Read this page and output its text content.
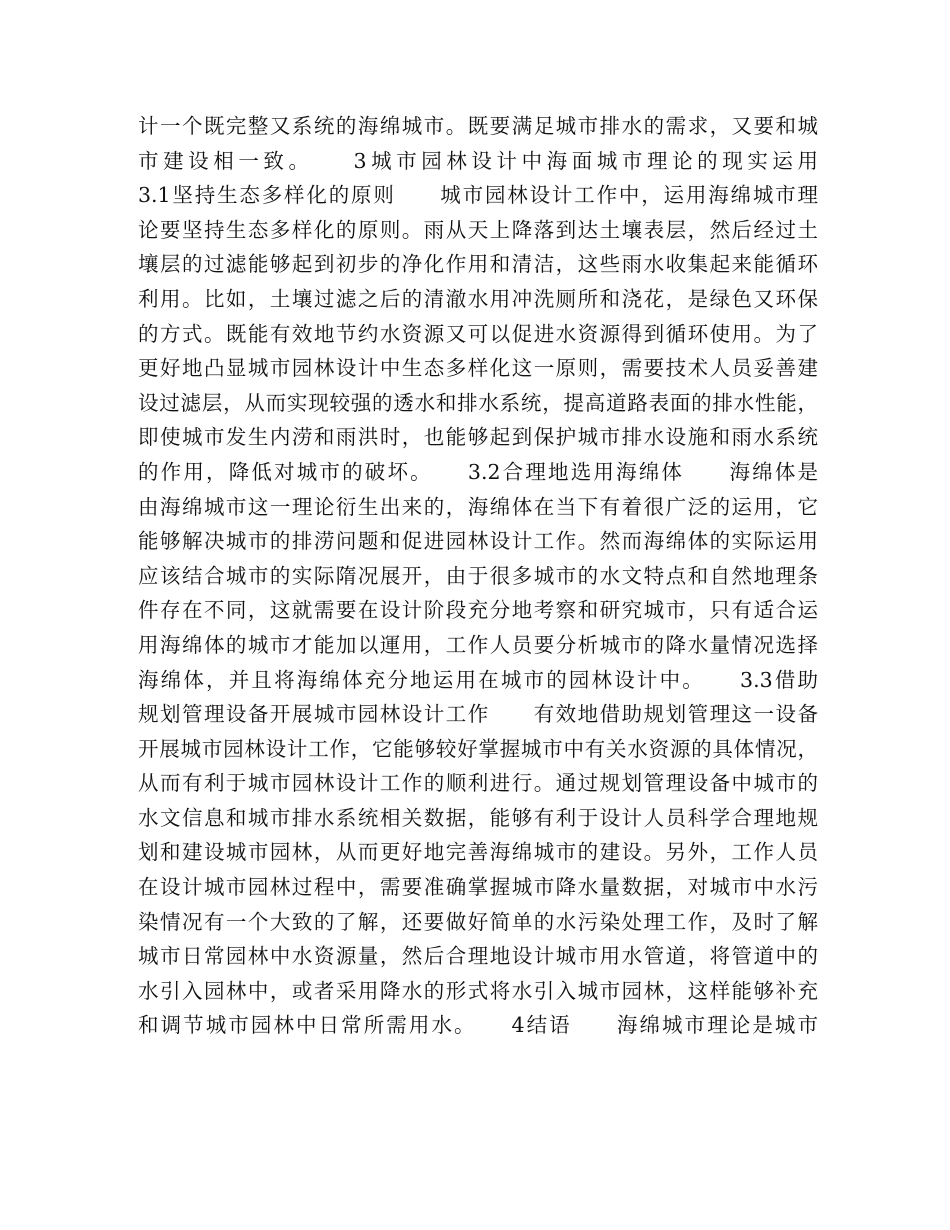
计一个既完整又系统的海绵城市。既要满足城市排水的需求，又要和城
市建设相一致。　　3城市园林设计中海面城市理论的现实运用
3.1坚持生态多样化的原则　　城市园林设计工作中，运用海绵城市理
论要坚持生态多样化的原则。雨从天上降落到达土壤表层，然后经过土
壤层的过滤能够起到初步的净化作用和清洁，这些雨水收集起来能循环
利用。比如，土壤过滤之后的清澈水用冲洗厕所和浇花，是绿色又环保
的方式。既能有效地节约水资源又可以促进水资源得到循环使用。为了
更好地凸显城市园林设计中生态多样化这一原则，需要技术人员妥善建
设过滤层，从而实现较强的透水和排水系统，提高道路表面的排水性能，
即使城市发生内涝和雨洪时，也能够起到保护城市排水设施和雨水系统
的作用，降低对城市的破坏。　　3.2合理地选用海绵体　　海绵体是
由海绵城市这一理论衍生出来的，海绵体在当下有着很广泛的运用，它
能够解决城市的排涝问题和促进园林设计工作。然而海绵体的实际运用
应该结合城市的实际隋况展开，由于很多城市的水文特点和自然地理条
件存在不同，这就需要在设计阶段充分地考察和研究城市，只有适合运
用海绵体的城市才能加以運用，工作人员要分析城市的降水量情况选择
海绵体，并且将海绵体充分地运用在城市的园林设计中。　　3.3借助
规划管理设备开展城市园林设计工作　　有效地借助规划管理这一设备
开展城市园林设计工作，它能够较好掌握城市中有关水资源的具体情况，
从而有利于城市园林设计工作的顺利进行。通过规划管理设备中城市的
水文信息和城市排水系统相关数据，能够有利于设计人员科学合理地规
划和建设城市园林，从而更好地完善海绵城市的建设。另外，工作人员
在设计城市园林过程中，需要准确掌握城市降水量数据，对城市中水污
染情况有一个大致的了解，还要做好简单的水污染处理工作，及时了解
城市日常园林中水资源量，然后合理地设计城市用水管道，将管道中的
水引入园林中，或者采用降水的形式将水引入城市园林，这样能够补充
和调节城市园林中日常所需用水。　　4结语　　海绵城市理论是城市
